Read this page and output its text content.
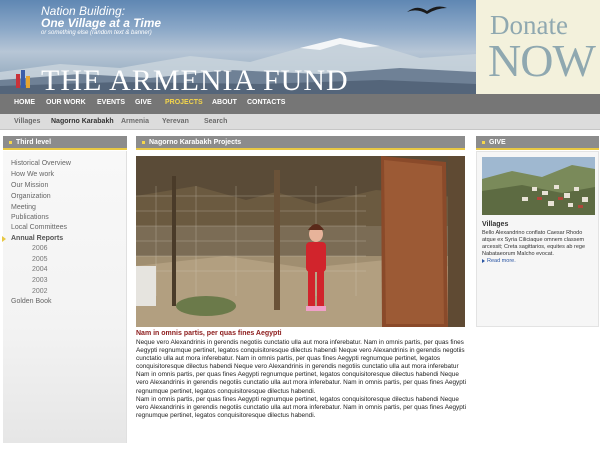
Nation Building:
One Village at a Time
or something else (random text & banner)
THE ARMENIA FUND
Donate
NOW
HOME OUR WORK EVENTS GIVE PROJECTS ABOUT CONTACTS
Villages Nagorno Karabakh Armenia Yerevan Search
Third level
Historical Overview
How We work
Our Mission
Organization
Meeting
Publications
Local Committees
Annual Reports
2006
2005
2004
2003
2002
Golden Book
Nagorno Karabakh Projects
Nam in omnis partis, per quas fines Aegypti

Neque vero Alexandrinis in gerendis negotiis cunctatio ulla aut mora inferebatur. Nam in omnis partis, per quas fines Aegypti regnumque pertinet, legatos conquisitoresque dilectus habendi Neque vero Alexandrinis in gerendis negotiis cunctatio ulla aut mora inferebatur. Nam in omnis partis, per quas fines Aegypti regnumque pertinet, legatos conquisitoresque dilectus habendi Neque vero Alexandrinis in gerendis negotiis cunctatio ulla aut mora inferebatur

Nam in omnis partis, per quas fines Aegypti regnumque pertinet, legatos conquisitoresque dilectus habendi Neque vero Alexandrinis in gerendis negotiis cunctatio ulla aut mora inferebatur. Nam in omnis partis, per quas fines Aegypti regnumque pertinet, legatos conquisitoresque dilectus habendi.

Nam in omnis partis, per quas fines Aegypti regnumque pertinet, legatos conquisitoresque dilectus habendi Neque vero Alexandrinis in gerendis negotiis cunctatio ulla aut mora inferebatur. Nam in omnis partis, per quas fines Aegypti regnumque pertinet, legatos conquisitoresque dilectus habendi.

GIVE
Villages
Bello Alexandrino conflato Caesar Rhodo atque ex Syria Ciliciaque omnem classem arcessit; Creta sagittarios, equites ab rege Nabataeorum Malcho evocat.
Read more.
